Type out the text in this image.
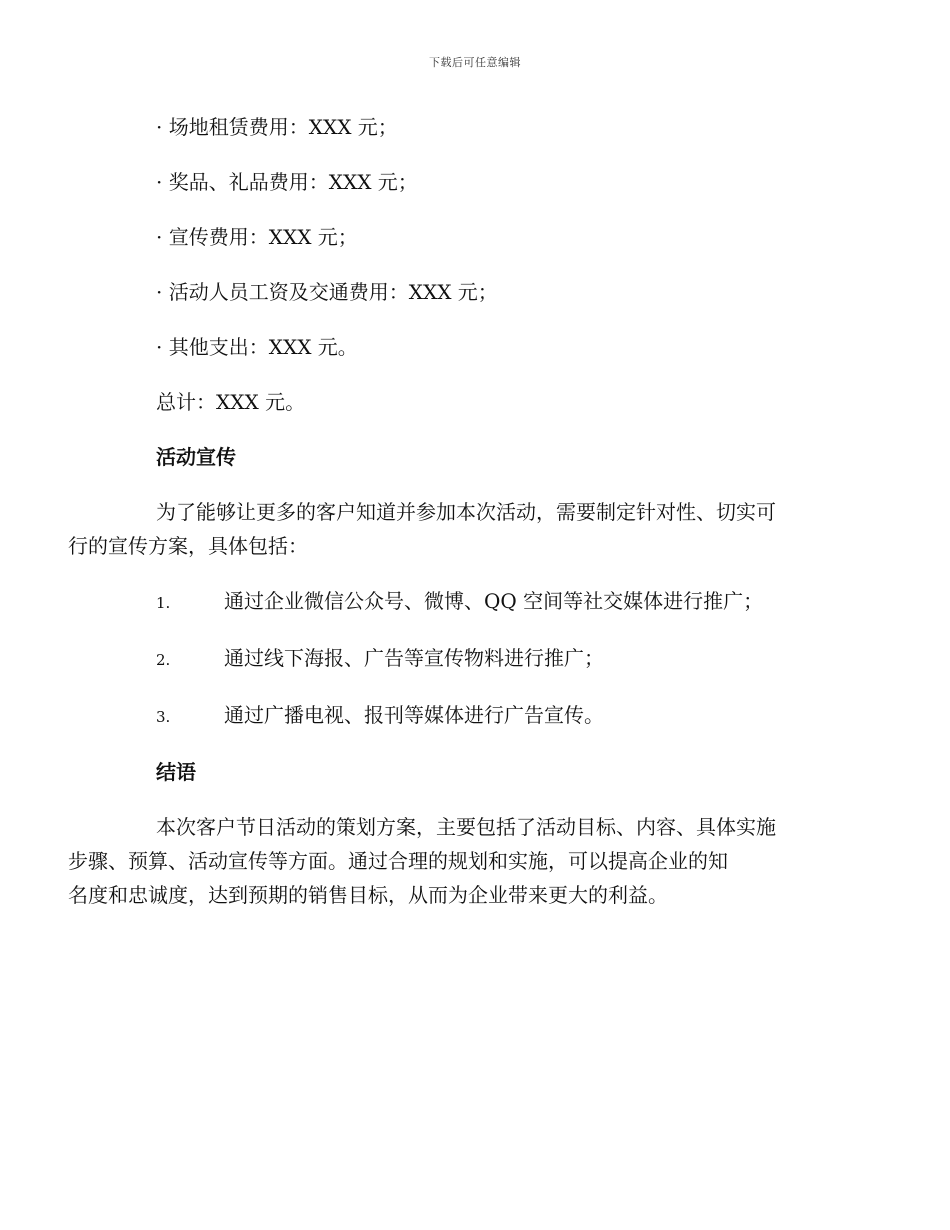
下载后可任意编辑

· 场地租赁费用：XXX 元；

· 奖品、礼品费用：XXX 元；

· 宣传费用：XXX 元；

· 活动人员工资及交通费用：XXX 元；

· 其他支出：XXX 元。

总计：XXX 元。

活动宣传

为了能够让更多的客户知道并参加本次活动，需要制定针对性、切实可
行的宣传方案，具体包括：

1.	通过企业微信公众号、微博、QQ 空间等社交媒体进行推广；
2.	通过线下海报、广告等宣传物料进行推广；
3.	通过广播电视、报刊等媒体进行广告宣传。
结语

本次客户节日活动的策划方案，主要包括了活动目标、内容、具体实施
步骤、预算、活动宣传等方面。通过合理的规划和实施，可以提高企业的知
名度和忠诚度，达到预期的销售目标，从而为企业带来更大的利益。
